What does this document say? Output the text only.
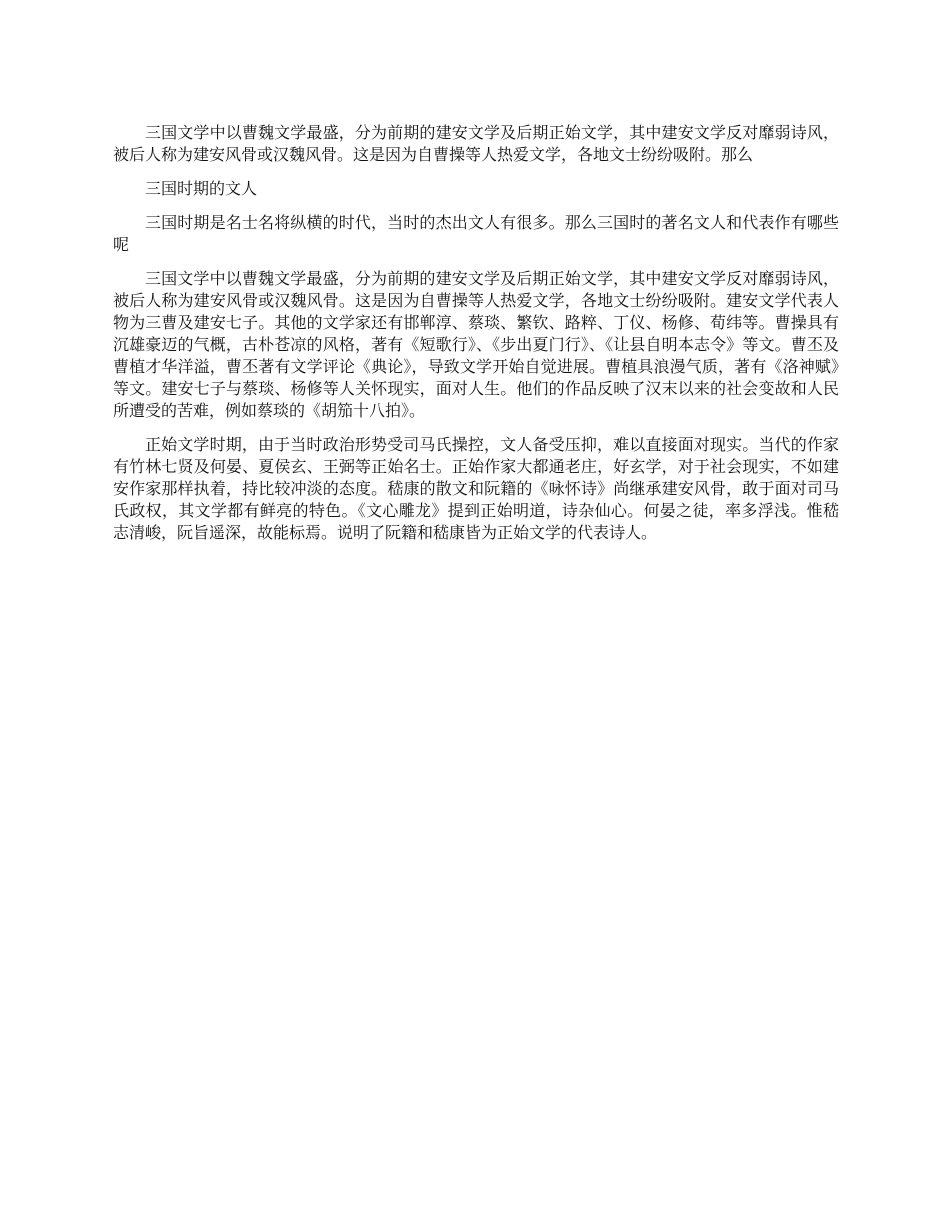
三国文学中以曹魏文学最盛，分为前期的建安文学及后期正始文学，其中建安文学反对靡弱诗风，被后人称为建安风骨或汉魏风骨。这是因为自曹操等人热爱文学，各地文士纷纷吸附。那么

三国时期的文人

三国时期是名士名将纵横的时代，当时的杰出文人有很多。那么三国时的著名文人和代表作有哪些呢

三国文学中以曹魏文学最盛，分为前期的建安文学及后期正始文学，其中建安文学反对靡弱诗风，被后人称为建安风骨或汉魏风骨。这是因为自曹操等人热爱文学，各地文士纷纷吸附。建安文学代表人物为三曹及建安七子。其他的文学家还有邯郸淳、蔡琰、繁钦、路粹、丁仪、杨修、荀纬等。曹操具有沉雄豪迈的气概，古朴苍凉的风格，著有《短歌行》、《步出夏门行》、《让县自明本志令》等文。曹丕及曹植才华洋溢，曹丕著有文学评论《典论》，导致文学开始自觉进展。曹植具浪漫气质，著有《洛神赋》等文。建安七子与蔡琰、杨修等人关怀现实，面对人生。他们的作品反映了汉末以来的社会变故和人民所遭受的苦难，例如蔡琰的《胡笳十八拍》。

正始文学时期，由于当时政治形势受司马氏操控，文人备受压抑，难以直接面对现实。当代的作家有竹林七贤及何晏、夏侯玄、王弼等正始名士。正始作家大都通老庄，好玄学，对于社会现实，不如建安作家那样执着，持比较冲淡的态度。嵇康的散文和阮籍的《咏怀诗》尚继承建安风骨，敢于面对司马氏政权，其文学都有鲜亮的特色。《文心雕龙》提到正始明道，诗杂仙心。何晏之徒，率多浮浅。惟嵇志清峻，阮旨遥深，故能标焉。说明了阮籍和嵇康皆为正始文学的代表诗人。
